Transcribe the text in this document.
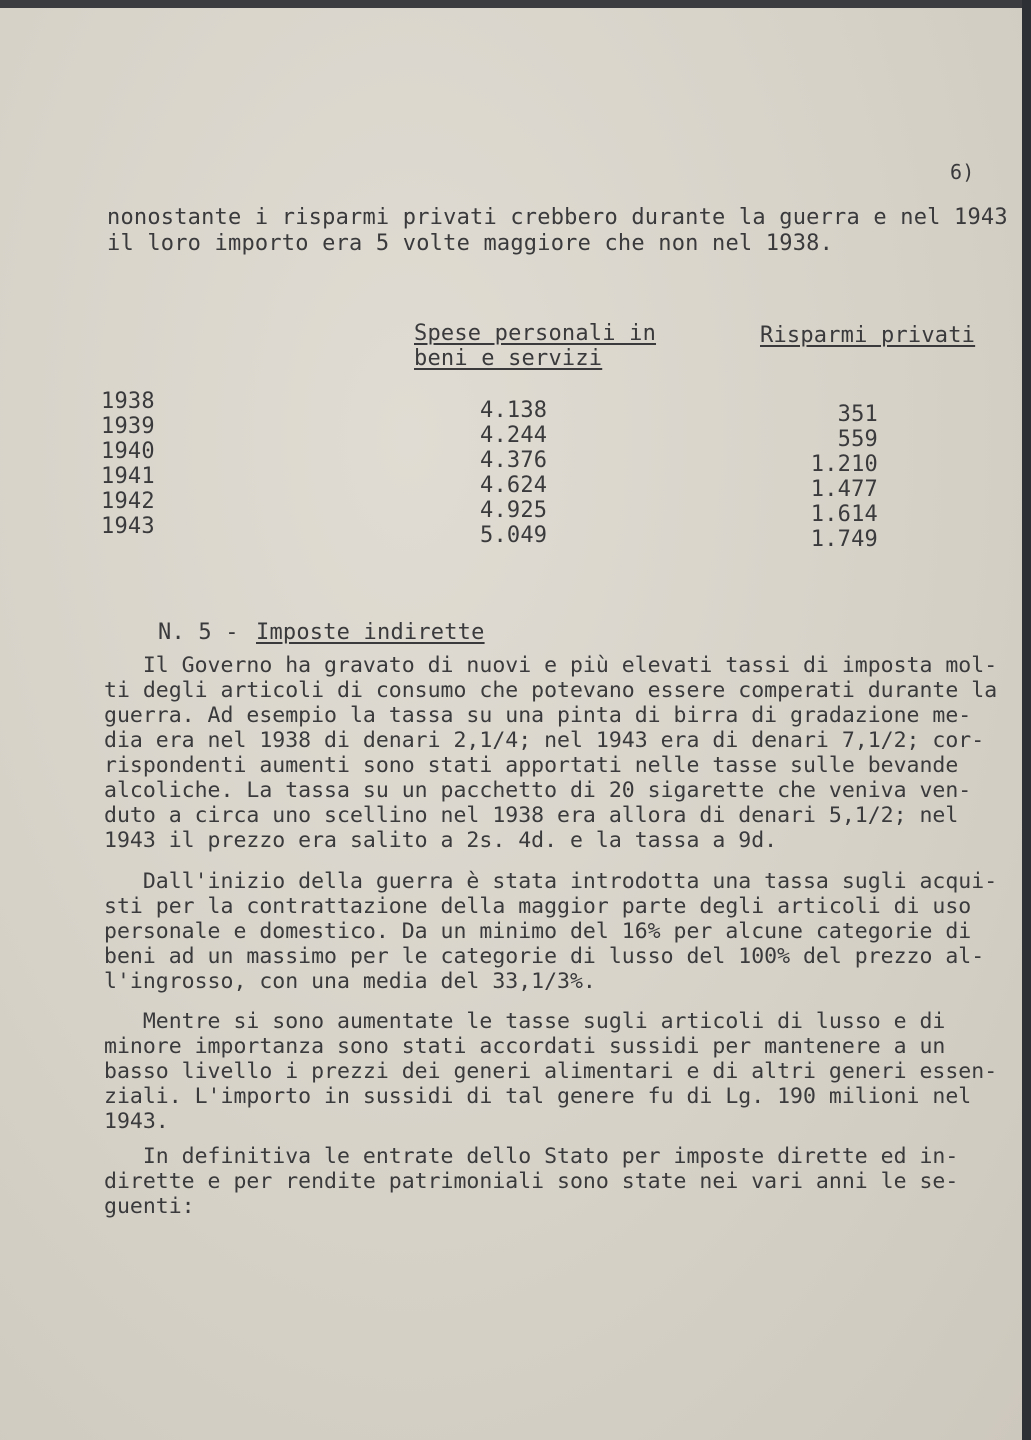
6)
nonostante i risparmi privati crebbero durante la guerra e nel 1943
il loro importo era 5 volte maggiore che non nel 1938.
Spese personali in
beni e servizi
Risparmi privati
1938
1939
1940
1941
1942
1943
4.138
4.244
4.376
4.624
4.925
5.049
351
559
1.210
1.477
1.614
1.749
N. 5 - Imposte indirette
Il Governo ha gravato di nuovi e più elevati tassi di imposta mol-
ti degli articoli di consumo che potevano essere comperati durante la
guerra. Ad esempio la tassa su una pinta di birra di gradazione me-
dia era nel 1938 di denari 2,1/4; nel 1943 era di denari 7,1/2; cor-
rispondenti aumenti sono stati apportati nelle tasse sulle bevande
alcoliche. La tassa su un pacchetto di 20 sigarette che veniva ven-
duto a circa uno scellino nel 1938 era allora di denari 5,1/2; nel
1943 il prezzo era salito a 2s. 4d. e la tassa a 9d.
Dall'inizio della guerra è stata introdotta una tassa sugli acqui-
sti per la contrattazione della maggior parte degli articoli di uso
personale e domestico. Da un minimo del 16% per alcune categorie di
beni ad un massimo per le categorie di lusso del 100% del prezzo al-
l'ingrosso, con una media del 33,1/3%.
Mentre si sono aumentate le tasse sugli articoli di lusso e di
minore importanza sono stati accordati sussidi per mantenere a un
basso livello i prezzi dei generi alimentari e di altri generi essen-
ziali. L'importo in sussidi di tal genere fu di Lg. 190 milioni nel
1943.
In definitiva le entrate dello Stato per imposte dirette ed in-
dirette e per rendite patrimoniali sono state nei vari anni le se-
guenti:
